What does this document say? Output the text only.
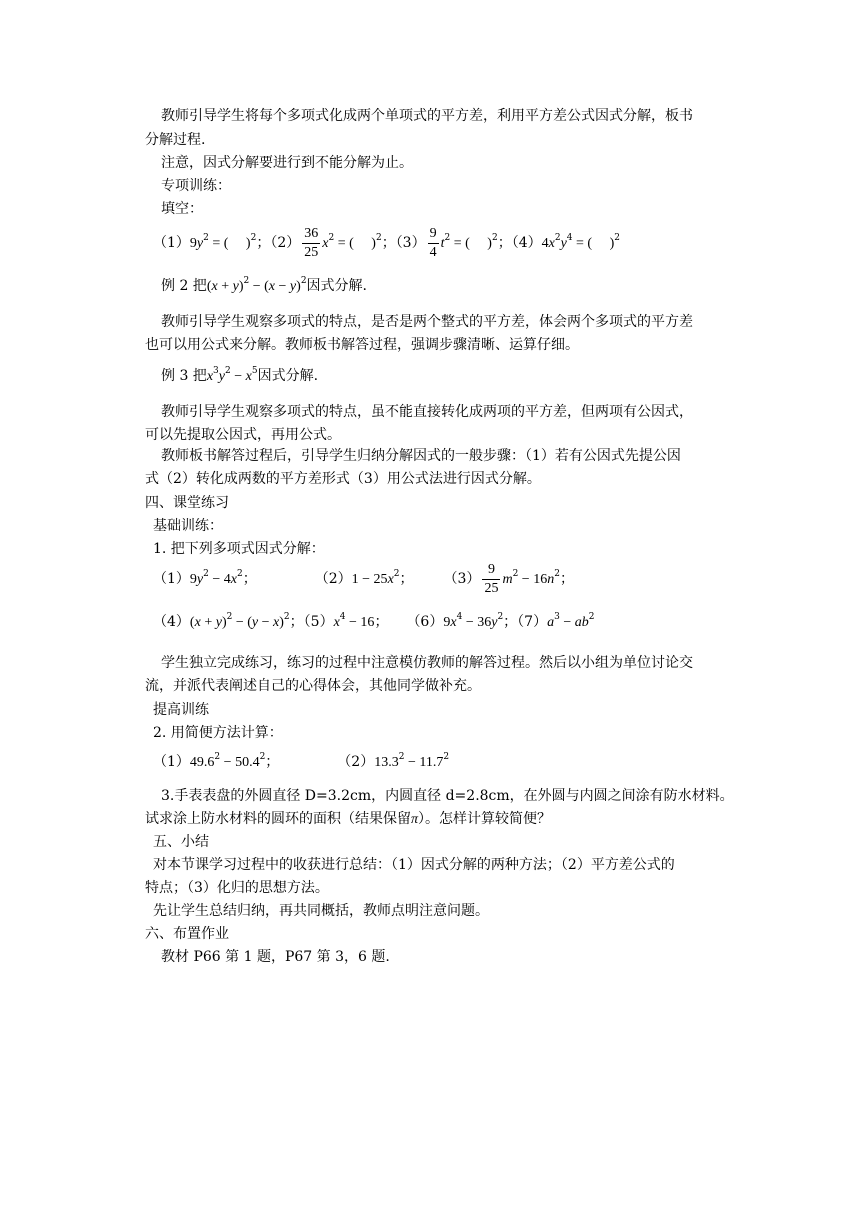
教师引导学生将每个多项式化成两个单项式的平方差，利用平方差公式因式分解，板书
分解过程.
注意，因式分解要进行到不能分解为止。
专项训练：
填空：
$(1)9y^2$ = (     )$^2$；$(2) \frac{36}{25} x^2$ = (     )$^2$；$(3) \frac{9}{4} t^2$ = (     )$^2$；$(4)4x^2y^4$ = (     )$^2$
例 2 把$(x + y)^2 - (x - y)^2$因式分解.
教师引导学生观察多项式的特点，是否是两个整式的平方差，体会两个多项式的平方差
也可以用公式来分解。教师板书解答过程，强调步骤清晰、运算仔细。
例 3 把$x^3y^2 - x^5$因式分解.
教师引导学生观察多项式的特点，虽不能直接转化成两项的平方差，但两项有公因式，
可以先提取公因式，再用公式。
教师板书解答过程后，引导学生归纳分解因式的一般步骤：（1）若有公因式先提公因
式（2）转化成两数的平方差形式（3）用公式法进行因式分解。
四、课堂练习
基础训练：
1. 把下列多项式因式分解：
$(1)9y^2 - 4x^2$；	$(2)1 - 25x^2$； $(3) \frac{9}{25} m^2 - 16n^2$；
$(4)(x + y)^2 - (y - x)^2$；$(5)x^4 - 16$； $(6)9x^4 - 36y^2$；$(7)a^3 - ab^2$
学生独立完成练习，练习的过程中注意模仿教师的解答过程。然后以小组为单位讨论交
流，并派代表阐述自己的心得体会，其他同学做补充。
提高训练
2. 用简便方法计算：
$(1)49.6^2 - 50.4^2$；	$(2)13.3^2 - 11.7^2$
3.手表表盘的外圆直径 D=3.2cm，内圆直径 d=2.8cm，在外圆与内圆之间涂有防水材料。
试求涂上防水材料的圆环的面积（结果保留π）。怎样计算较简便？
五、小结
对本节课学习过程中的收获进行总结：（1）因式分解的两种方法；（2）平方差公式的
特点；（3）化归的思想方法。
先让学生总结归纳，再共同概括，教师点明注意问题。
六、布置作业
教材 P66 第 1 题，P67 第 3，6 题.
